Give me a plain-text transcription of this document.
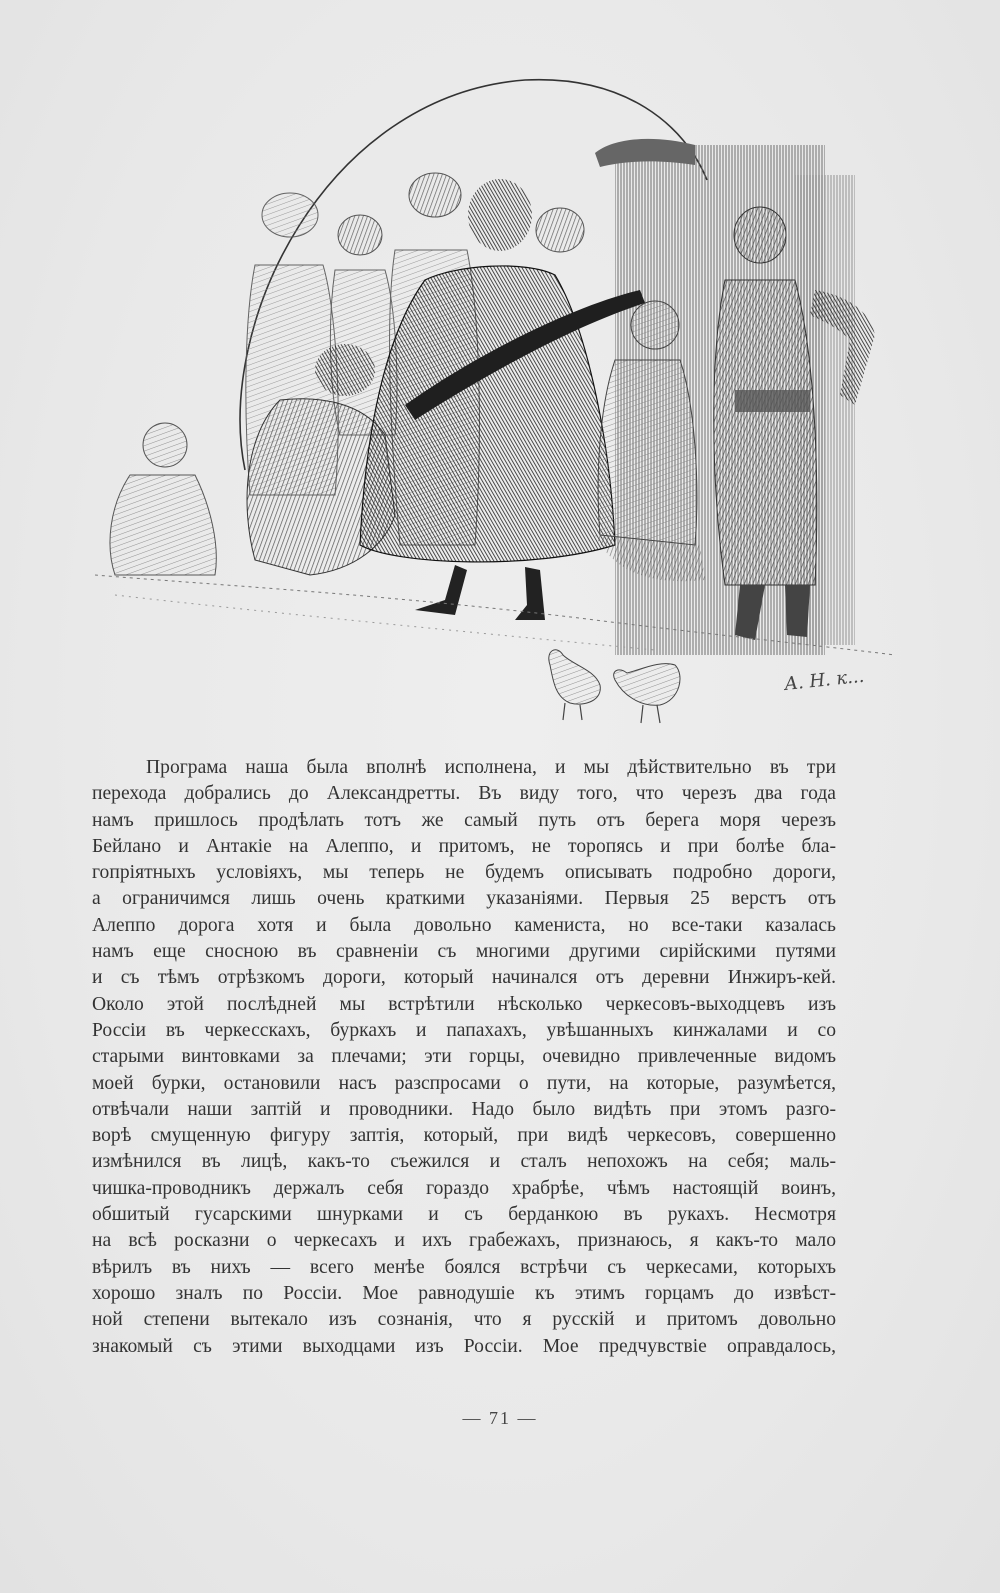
А. Н. к...
Програма наша была вполнѣ исполнена, и мы дѣйствительно въ три
перехода добрались до Александретты. Въ виду того, что черезъ два года
намъ пришлось продѣлать тотъ же самый путь отъ берега моря черезъ
Бейлано и Антакіе на Алеппо, и притомъ, не торопясь и при болѣе бла-
гопріятныхъ условіяхъ, мы теперь не будемъ описывать подробно дороги,
а ограничимся лишь очень краткими указаніями. Первыя 25 верстъ отъ
Алеппо дорога хотя и была довольно камениста, но все-таки казалась
намъ еще сносною въ сравненіи съ многими другими сирійскими путями
и съ тѣмъ отрѣзкомъ дороги, который начинался отъ деревни Инжиръ-кей.
Около этой послѣдней мы встрѣтили нѣсколько черкесовъ-выходцевъ изъ
Россіи въ черкесскахъ, буркахъ и папахахъ, увѣшанныхъ кинжалами и со
старыми винтовками за плечами; эти горцы, очевидно привлеченные видомъ
моей бурки, остановили насъ разспросами о пути, на которые, разумѣется,
отвѣчали наши заптій и проводники. Надо было видѣть при этомъ разго-
ворѣ смущенную фигуру заптія, который, при видѣ черкесовъ, совершенно
измѣнился въ лицѣ, какъ-то съежился и сталъ непохожъ на себя; маль-
чишка-проводникъ держалъ себя гораздо храбрѣе, чѣмъ настоящій воинъ,
обшитый гусарскими шнурками и съ берданкою въ рукахъ. Несмотря
на всѣ росказни о черкесахъ и ихъ грабежахъ, признаюсь, я какъ-то мало
вѣрилъ въ нихъ — всего менѣе боялся встрѣчи съ черкесами, которыхъ
хорошо зналъ по Россіи. Мое равнодушіе къ этимъ горцамъ до извѣст-
ной степени вытекало изъ сознанія, что я русскій и притомъ довольно
знакомый съ этими выходцами изъ Россіи. Мое предчувствіе оправдалось,
— 71 —
